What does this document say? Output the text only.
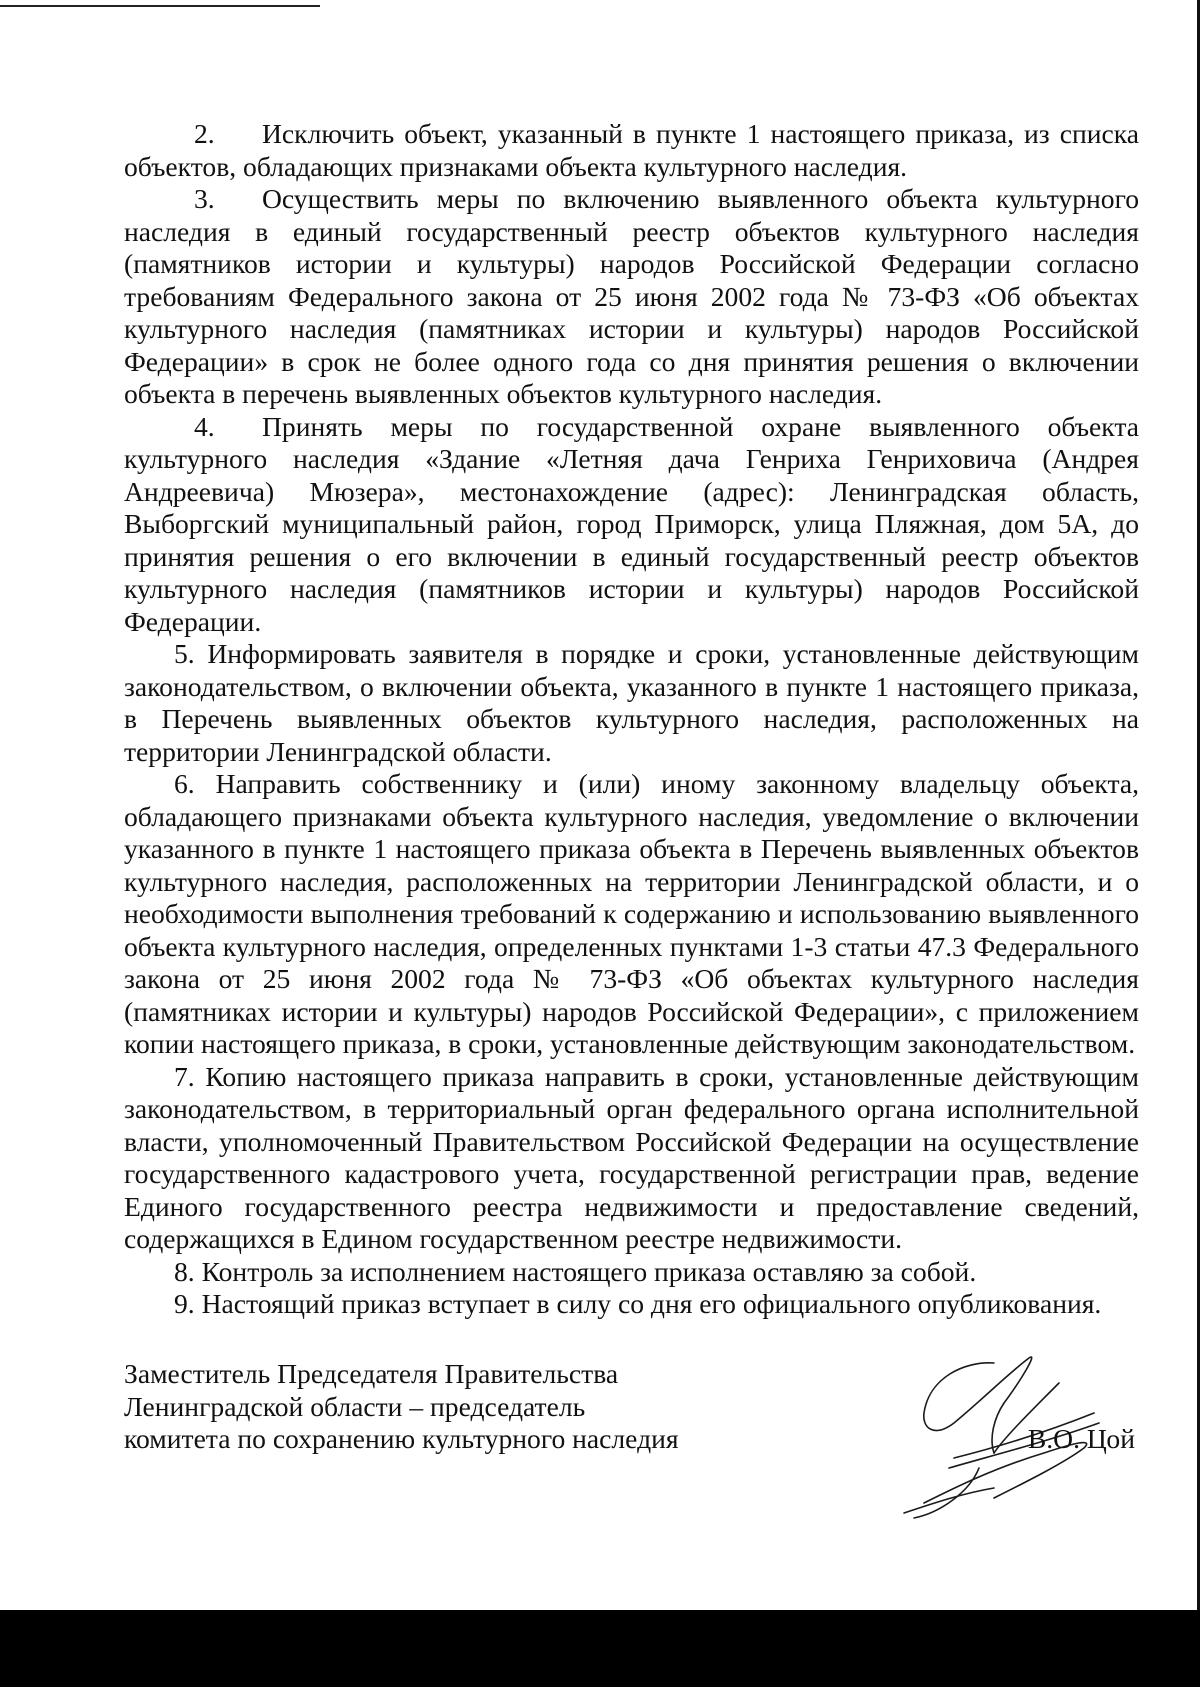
2. Исключить объект, указанный в пункте 1 настоящего приказа, из списка объектов, обладающих признаками объекта культурного наследия.

3. Осуществить меры по включению выявленного объекта культурного наследия в единый государственный реестр объектов культурного наследия (памятников истории и культуры) народов Российской Федерации согласно требованиям Федерального закона от 25 июня 2002 года № 73-ФЗ «Об объектах культурного наследия (памятниках истории и культуры) народов Российской Федерации» в срок не более одного года со дня принятия решения о включении объекта в перечень выявленных объектов культурного наследия.

4. Принять меры по государственной охране выявленного объекта культурного наследия «Здание «Летняя дача Генриха Генриховича (Андрея Андреевича) Мюзера», местонахождение (адрес): Ленинградская область, Выборгский муниципальный район, город Приморск, улица Пляжная, дом 5А, до принятия решения о его включении в единый государственный реестр объектов культурного наследия (памятников истории и культуры) народов Российской Федерации.

5. Информировать заявителя в порядке и сроки, установленные действующим законодательством, о включении объекта, указанного в пункте 1 настоящего приказа, в Перечень выявленных объектов культурного наследия, расположенных на территории Ленинградской области.

6. Направить собственнику и (или) иному законному владельцу объекта, обладающего признаками объекта культурного наследия, уведомление о включении указанного в пункте 1 настоящего приказа объекта в Перечень выявленных объектов культурного наследия, расположенных на территории Ленинградской области, и о необходимости выполнения требований к содержанию и использованию выявленного объекта культурного наследия, определенных пунктами 1-3 статьи 47.3 Федерального закона от 25 июня 2002 года № 73-ФЗ «Об объектах культурного наследия (памятниках истории и культуры) народов Российской Федерации», с приложением копии настоящего приказа, в сроки, установленные действующим законодательством.

7. Копию настоящего приказа направить в сроки, установленные действующим законодательством, в территориальный орган федерального органа исполнительной власти, уполномоченный Правительством Российской Федерации на осуществление государственного кадастрового учета, государственной регистрации прав, ведение Единого государственного реестра недвижимости и предоставление сведений, содержащихся в Едином государственном реестре недвижимости.

8. Контроль за исполнением настоящего приказа оставляю за собой.

9. Настоящий приказ вступает в силу со дня его официального опубликования.

Заместитель Председателя Правительства

Ленинградской области – председатель

комитета по сохранению культурного наследия	В.О. Цой
